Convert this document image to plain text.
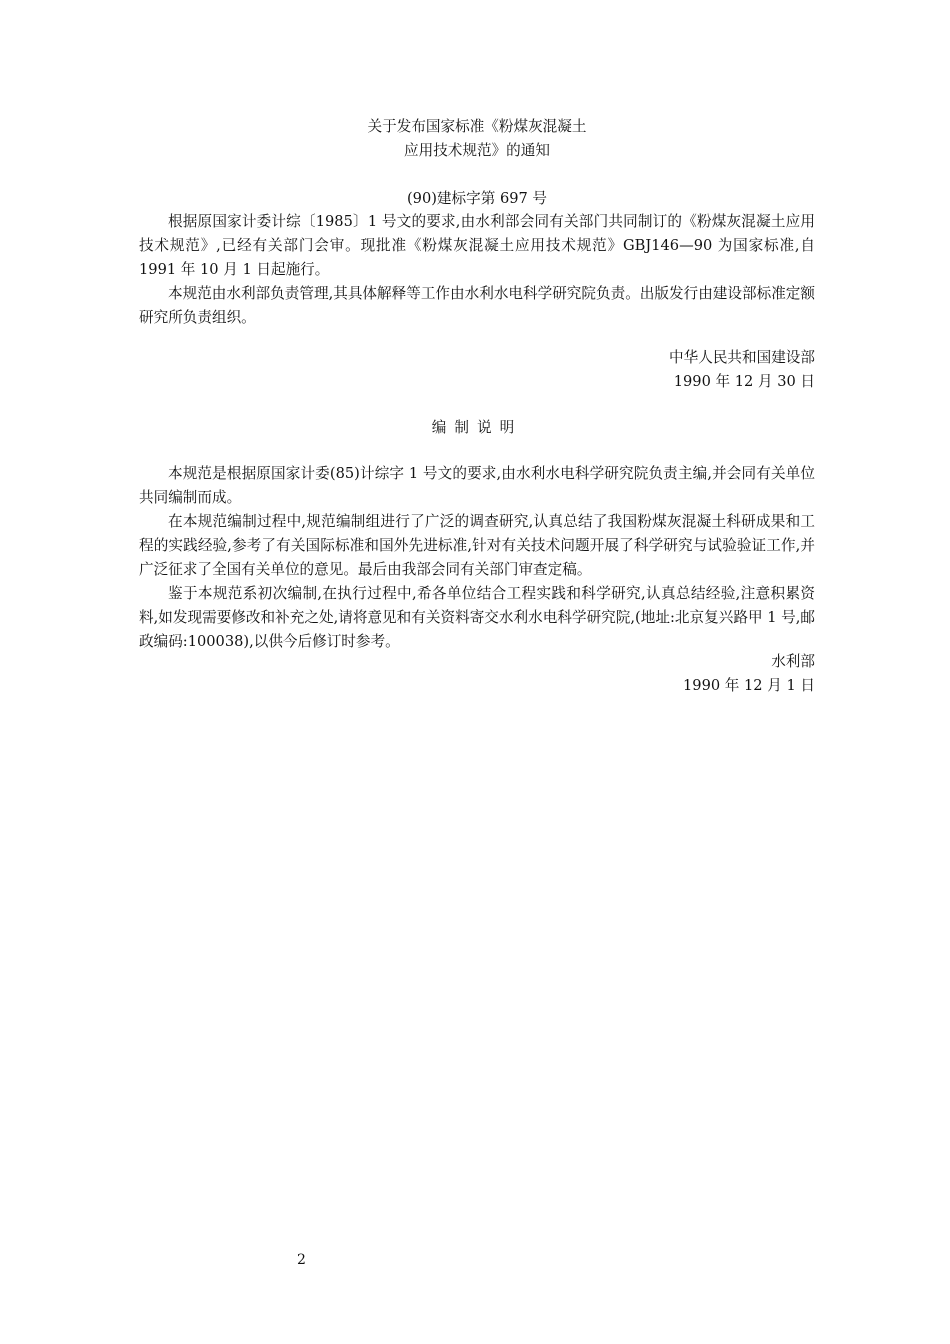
关于发布国家标准《粉煤灰混凝土
应用技术规范》的通知
(90)建标字第 697 号

根据原国家计委计综〔1985〕1 号文的要求,由水利部会同有关部门共同制订的《粉煤灰混凝土应用技术规范》,已经有关部门会审。现批准《粉煤灰混凝土应用技术规范》GBJ146—90 为国家标准,自 1991 年 10 月 1 日起施行。

本规范由水利部负责管理,其具体解释等工作由水利水电科学研究院负责。出版发行由建设部标准定额研究所负责组织。

中华人民共和国建设部
1990 年 12 月 30 日
编制说明

本规范是根据原国家计委(85)计综字 1 号文的要求,由水利水电科学研究院负责主编,并会同有关单位共同编制而成。

在本规范编制过程中,规范编制组进行了广泛的调查研究,认真总结了我国粉煤灰混凝土科研成果和工程的实践经验,参考了有关国际标准和国外先进标准,针对有关技术问题开展了科学研究与试验验证工作,并广泛征求了全国有关单位的意见。最后由我部会同有关部门审查定稿。

鉴于本规范系初次编制,在执行过程中,希各单位结合工程实践和科学研究,认真总结经验,注意积累资料,如发现需要修改和补充之处,请将意见和有关资料寄交水利水电科学研究院,(地址:北京复兴路甲 1 号,邮政编码:100038),以供今后修订时参考。

水利部
1990 年 12 月 1 日
2
